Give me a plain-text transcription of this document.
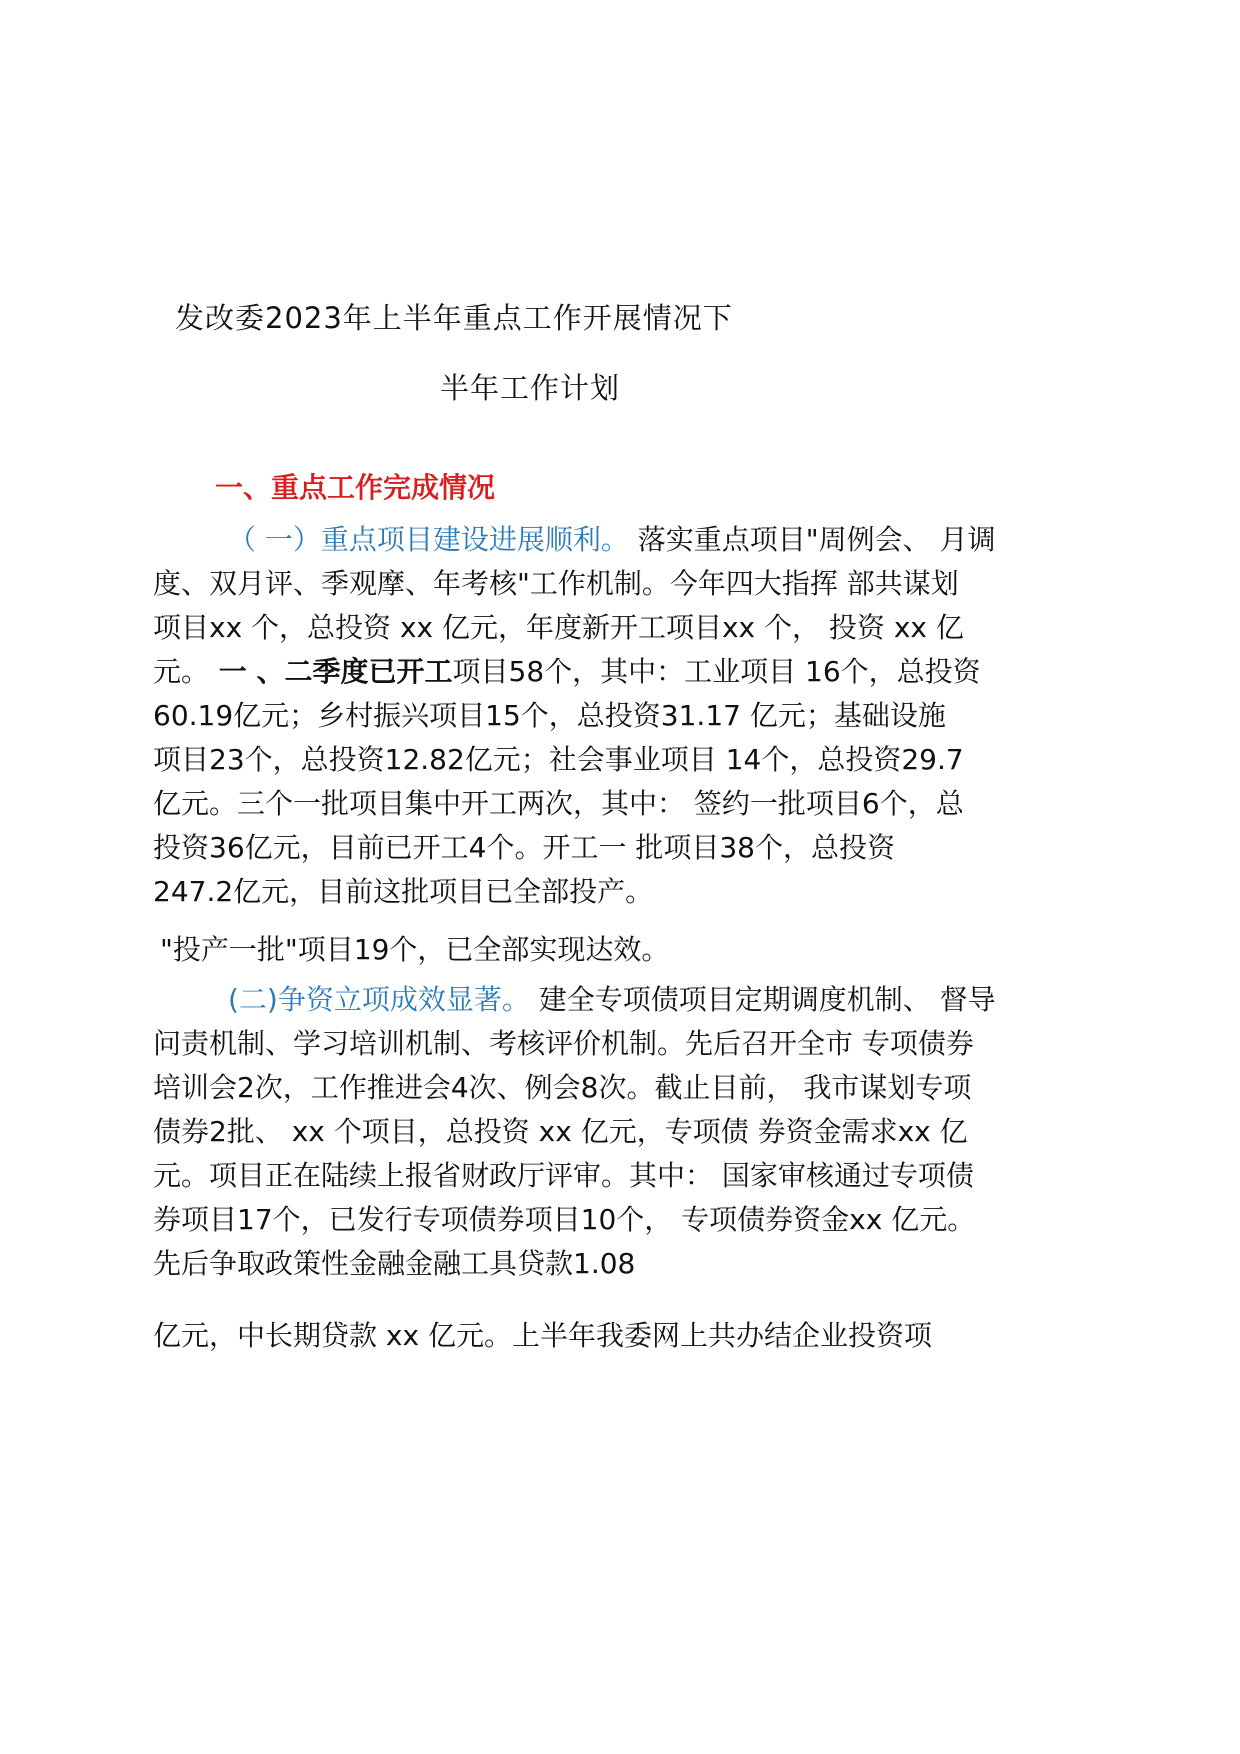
发改委2023年上半年重点工作开展情况下
半年工作计划
一、重点工作完成情况
（ 一）重点项目建设进展顺利。 落实重点项目"周例会、 月调
度、双月评、季观摩、年考核"工作机制。今年四大指挥 部共谋划
项目xx 个，总投资 xx 亿元，年度新开工项目xx 个， 投资 xx 亿
元。 一 、二季度已开工项目58个，其中：工业项目 16个，总投资
60.19亿元；乡村振兴项目15个，总投资31.17 亿元；基础设施
项目23个，总投资12.82亿元；社会事业项目 14个，总投资29.7
亿元。三个一批项目集中开工两次，其中： 签约一批项目6个，总
投资36亿元，目前已开工4个。开工一 批项目38个，总投资
247.2亿元，目前这批项目已全部投产。
"投产一批"项目19个，已全部实现达效。
(二)争资立项成效显著。 建全专项债项目定期调度机制、 督导
问责机制、学习培训机制、考核评价机制。先后召开全市 专项债券
培训会2次，工作推进会4次、例会8次。截止目前， 我市谋划专项
债券2批、 xx 个项目，总投资 xx 亿元，专项债 券资金需求xx 亿
元。项目正在陆续上报省财政厅评审。其中： 国家审核通过专项债
券项目17个，已发行专项债券项目10个， 专项债券资金xx 亿元。
先后争取政策性金融金融工具贷款1.08
亿元，中长期贷款 xx 亿元。上半年我委网上共办结企业投资项
